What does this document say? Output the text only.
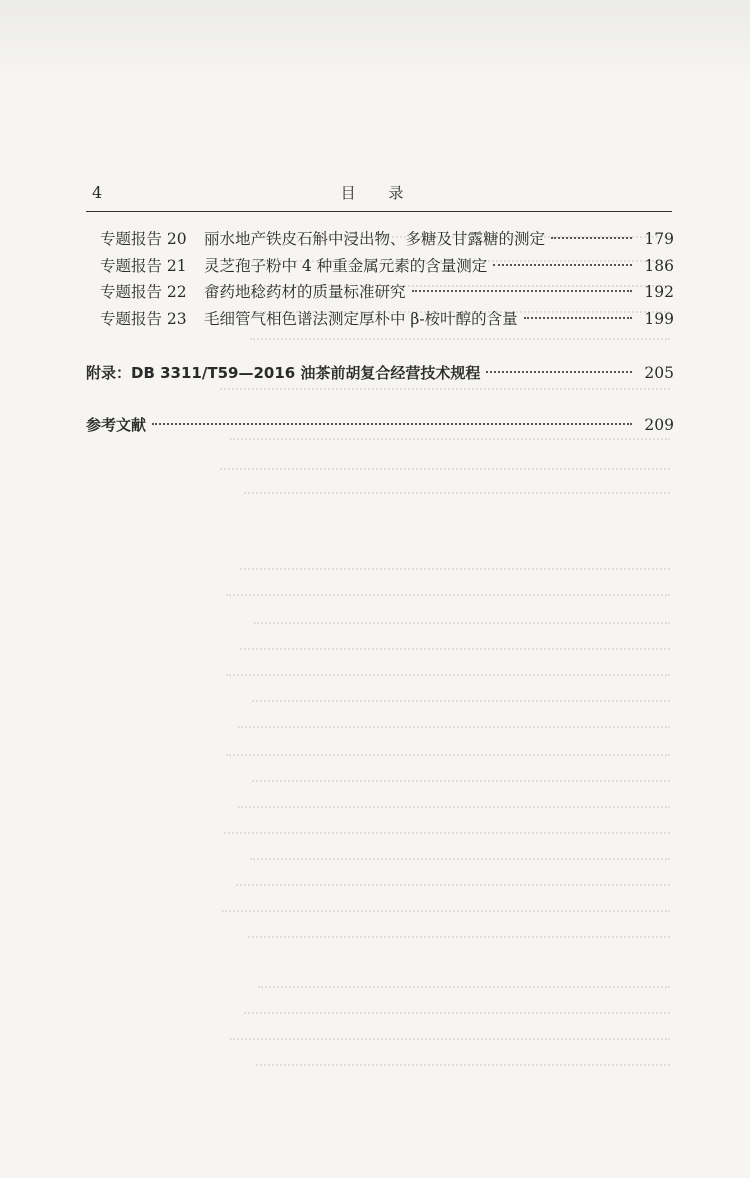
4	目 录
专题报告 20	丽水地产铁皮石斛中浸出物、多糖及甘露糖的测定	179
专题报告 21	灵芝孢子粉中 4 种重金属元素的含量测定	186
专题报告 22	畲药地稔药材的质量标准研究	192
专题报告 23	毛细管气相色谱法测定厚朴中 β-桉叶醇的含量	199
附录：DB 3311/T59—2016 油茶前胡复合经营技术规程	205
参考文献	209
